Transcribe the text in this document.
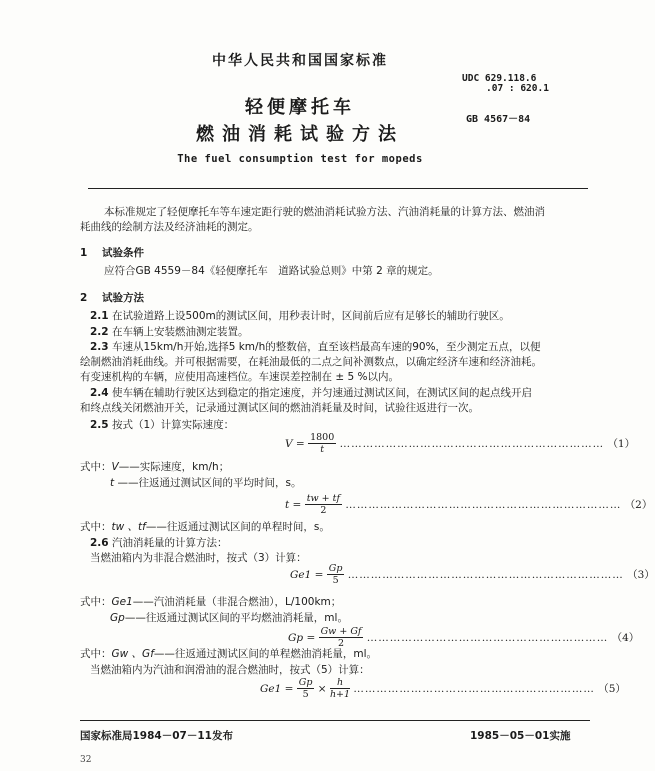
中华人民共和国国家标准
UDC 629.118.6
.07 : 620.1
GB 4567－84
轻便摩托车
燃油消耗试验方法
The fuel consumption test for mopeds
本标准规定了轻便摩托车等车速定距行驶的燃油消耗试验方法、汽油消耗量的计算方法、燃油消
耗曲线的绘制方法及经济油耗的测定。
1 试验条件
应符合GB 4559－84《轻便摩托车　道路试验总则》中第 2 章的规定。
2 试验方法
2.1 在试验道路上设500m的测试区间，用秒表计时，区间前后应有足够长的辅助行驶区。
2.2 在车辆上安装燃油测定装置。
2.3 车速从15km/h开始,选择5 km/h的整数倍，直至该档最高车速的90%，至少测定五点，以便
绘制燃油消耗曲线。并可根据需要，在耗油最低的二点之间补测数点，以确定经济车速和经济油耗。
有变速机构的车辆，应使用高速档位。车速误差控制在 ± 5 %以内。
2.4 使车辆在辅助行驶区达到稳定的指定速度，并匀速通过测试区间，在测试区间的起点线开启
和终点线关闭燃油开关，记录通过测试区间的燃油消耗量及时间，试验往返进行一次。
2.5 按式（1）计算实际速度：
$V = \frac{1800}{t}$ …………………………………………………………… （1）
式中：V——实际速度，km/h；
t ——往返通过测试区间的平均时间，s。
$t = \frac{tw + tf}{2}$ ……………………………………………………………… （2）
式中：tw 、tf——往返通过测试区间的单程时间，s。
2.6 汽油消耗量的计算方法：
当燃油箱内为非混合燃油时，按式（3）计算：
$Ge1 = \frac{Gp}{5}$ ……………………………………………………………… （3）
式中：Ge1——汽油消耗量（非混合燃油），L/100km；
Gp——往返通过测试区间的平均燃油消耗量，ml。
$Gp = \frac{Gw + Gf}{2}$ ……………………………………………………… （4）
式中：Gw 、Gf——往返通过测试区间的单程燃油消耗量，ml。
当燃油箱内为汽油和润滑油的混合燃油时，按式（5）计算：
$Ge1 = \frac{Gp}{5} \times \frac{h}{h+1}$ ……………………………………………………… （5）
国家标准局1984－07－11发布	1985－05－01实施
32
